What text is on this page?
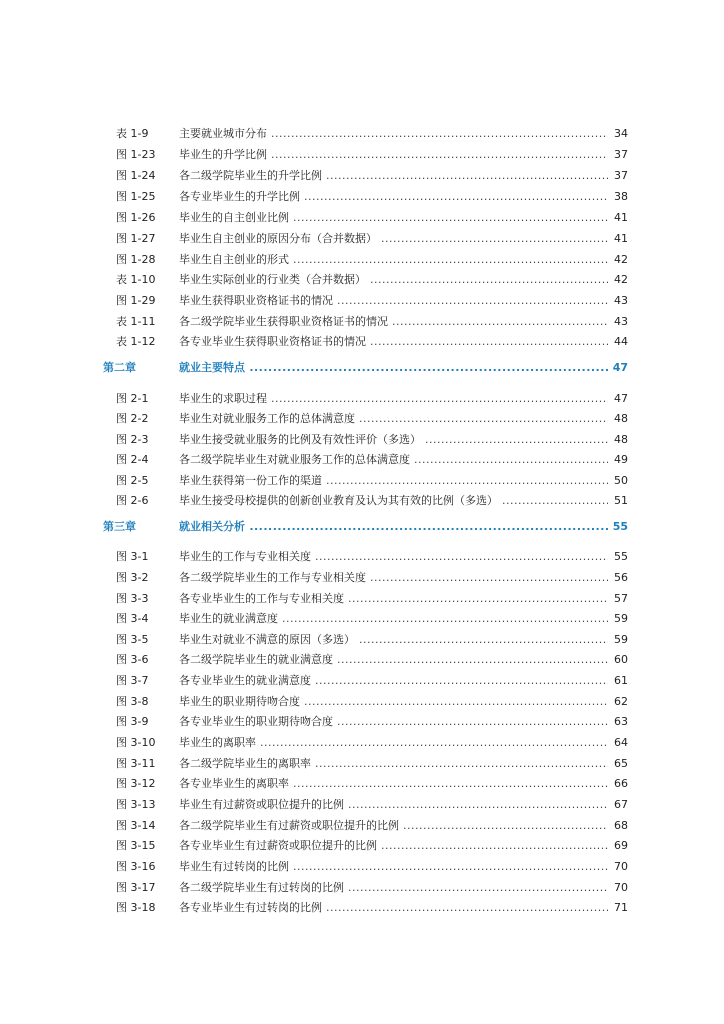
表 1-9	主要就业城市分布 .....	34
图 1-23	毕业生的升学比例 .....	37
图 1-24	各二级学院毕业生的升学比例 .....	37
图 1-25	各专业毕业生的升学比例 .....	38
图 1-26	毕业生的自主创业比例 .....	41
图 1-27	毕业生自主创业的原因分布（合并数据） .....	41
图 1-28	毕业生自主创业的形式 .....	42
表 1-10	毕业生实际创业的行业类（合并数据） .....	42
图 1-29	毕业生获得职业资格证书的情况 .....	43
表 1-11	各二级学院毕业生获得职业资格证书的情况 .....	43
表 1-12	各专业毕业生获得职业资格证书的情况 .....	44
第二章	就业主要特点 .....	47
图 2-1	毕业生的求职过程 .....	47
图 2-2	毕业生对就业服务工作的总体满意度 .....	48
图 2-3	毕业生接受就业服务的比例及有效性评价（多选） .....	48
图 2-4	各二级学院毕业生对就业服务工作的总体满意度 .....	49
图 2-5	毕业生获得第一份工作的渠道 .....	50
图 2-6	毕业生接受母校提供的创新创业教育及认为其有效的比例（多选） .....	51
第三章	就业相关分析 .....	55
图 3-1	毕业生的工作与专业相关度 .....	55
图 3-2	各二级学院毕业生的工作与专业相关度 .....	56
图 3-3	各专业毕业生的工作与专业相关度 .....	57
图 3-4	毕业生的就业满意度 .....	59
图 3-5	毕业生对就业不满意的原因（多选） .....	59
图 3-6	各二级学院毕业生的就业满意度 .....	60
图 3-7	各专业毕业生的就业满意度 .....	61
图 3-8	毕业生的职业期待吻合度 .....	62
图 3-9	各专业毕业生的职业期待吻合度 .....	63
图 3-10	毕业生的离职率 .....	64
图 3-11	各二级学院毕业生的离职率 .....	65
图 3-12	各专业毕业生的离职率 .....	66
图 3-13	毕业生有过薪资或职位提升的比例 .....	67
图 3-14	各二级学院毕业生有过薪资或职位提升的比例 .....	68
图 3-15	各专业毕业生有过薪资或职位提升的比例 .....	69
图 3-16	毕业生有过转岗的比例 .....	70
图 3-17	各二级学院毕业生有过转岗的比例 .....	70
图 3-18	各专业毕业生有过转岗的比例 .....	71
